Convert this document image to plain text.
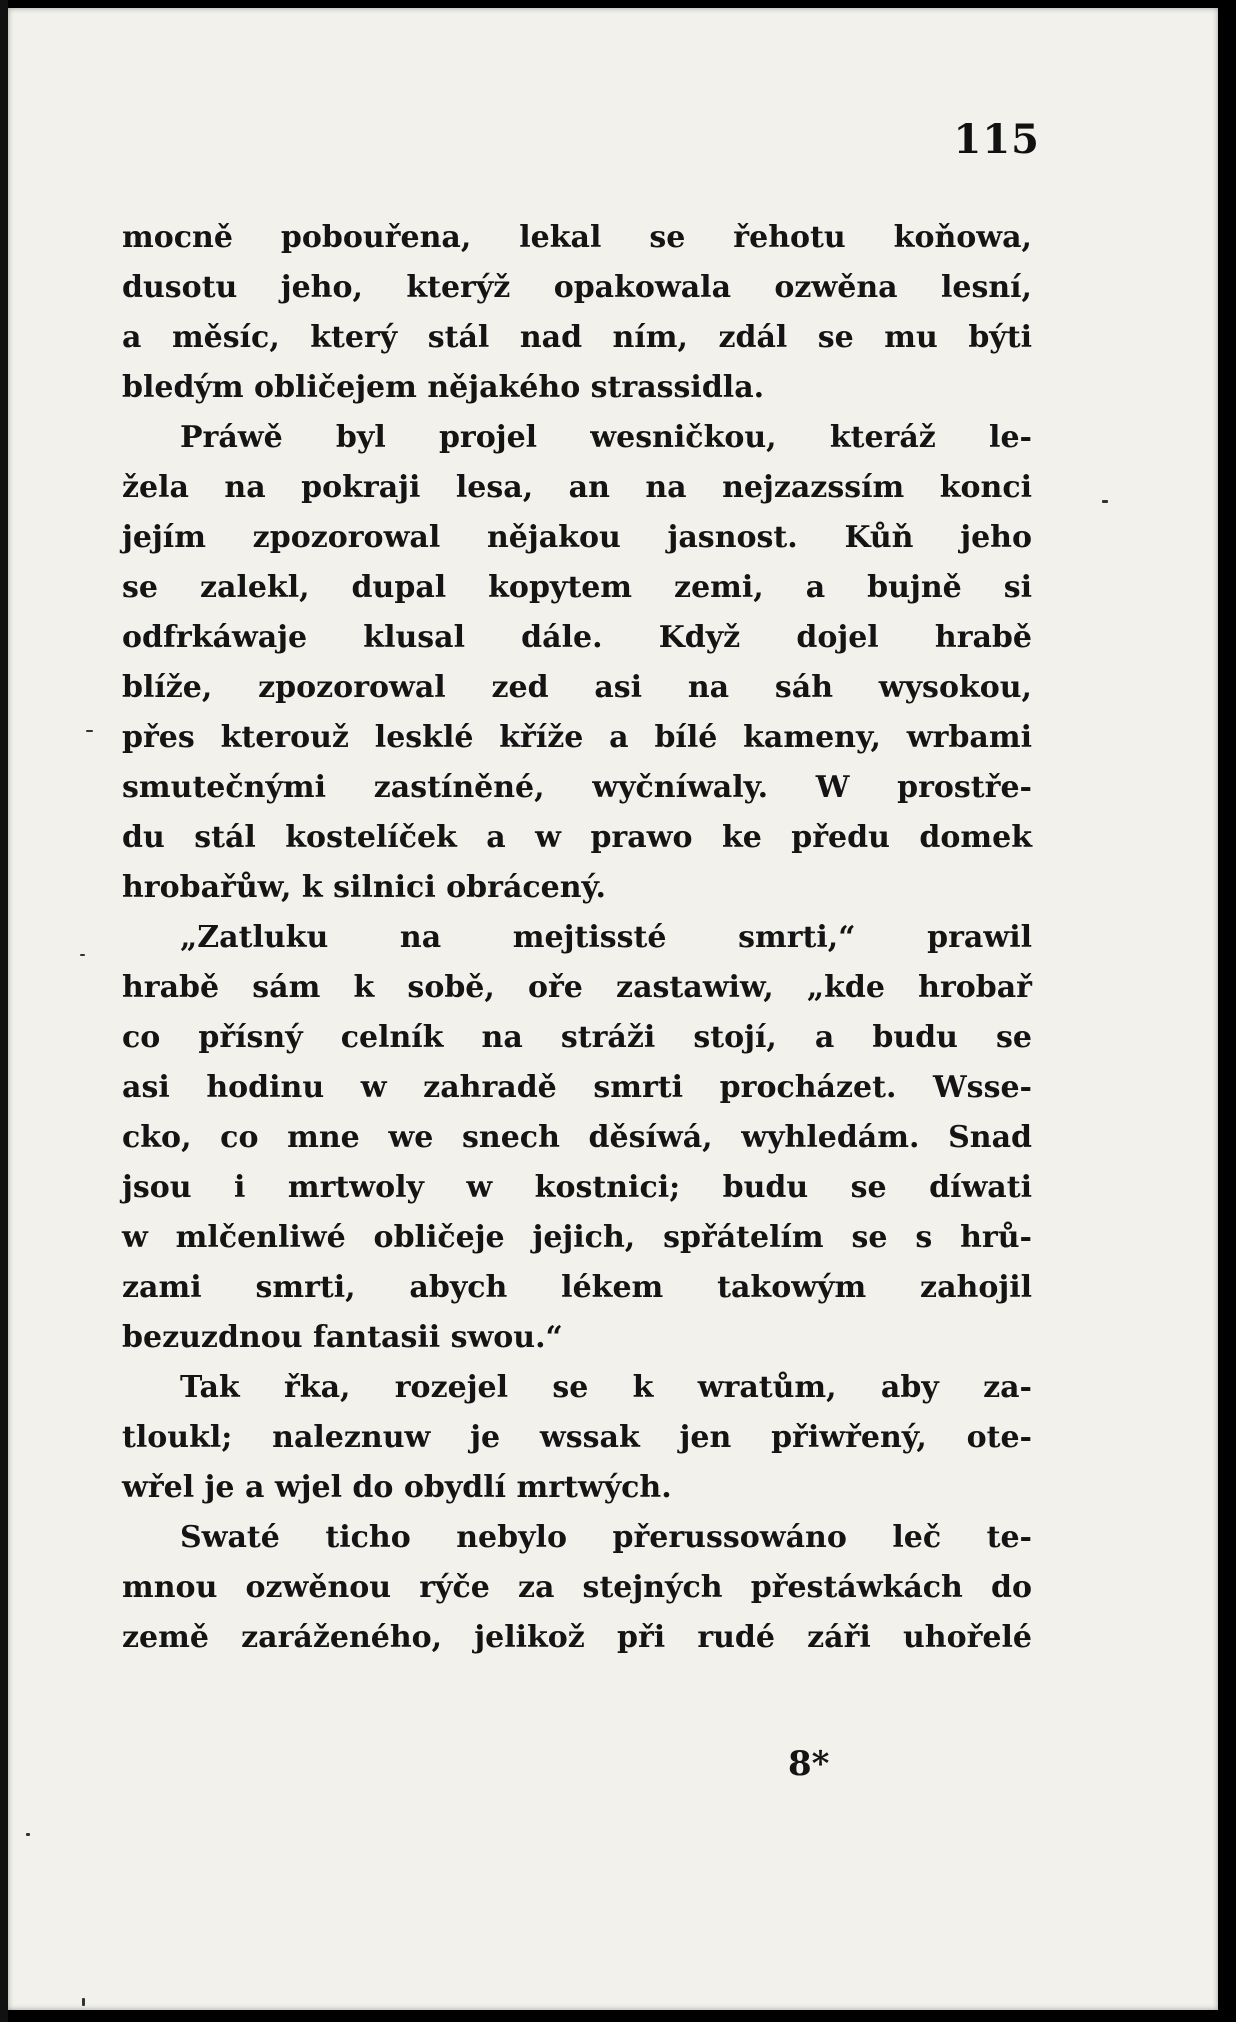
115
mocně pobouřena, lekal se řehotu koňowa,
dusotu jeho, kterýž opakowala ozwěna lesní,
a měsíc, který stál nad ním, zdál se mu býti
bledým obličejem nějakého strassidla.
Práwě byl projel wesničkou, kteráž le-
žela na pokraji lesa, an na nejzazssím konci
jejím zpozorowal nějakou jasnost. Kůň jeho
se zalekl, dupal kopytem zemi, a bujně si
odfrkáwaje klusal dále. Když dojel hrabě
blíže, zpozorowal zed asi na sáh wysokou,
přes kterouž lesklé kříže a bílé kameny, wrbami
smutečnými zastíněné, wyčníwaly. W prostře-
du stál kostelíček a w prawo ke předu domek
hrobařůw, k silnici obrácený.
„Zatluku na mejtissté smrti,“ prawil
hrabě sám k sobě, oře zastawiw, „kde hrobař
co přísný celník na stráži stojí, a budu se
asi hodinu w zahradě smrti procházet. Wsse-
cko, co mne we snech děsíwá, wyhledám. Snad
jsou i mrtwoly w kostnici; budu se díwati
w mlčenliwé obličeje jejich, spřátelím se s hrů-
zami smrti, abych lékem takowým zahojil
bezuzdnou fantasii swou.“
Tak řka, rozejel se k wratům, aby za-
tloukl; naleznuw je wssak jen přiwřený, ote-
wřel je a wjel do obydlí mrtwých.
Swaté ticho nebylo přerussowáno leč te-
mnou ozwěnou rýče za stejných přestáwkách do
země zaráženého, jelikož při rudé záři uhořelé
8*
